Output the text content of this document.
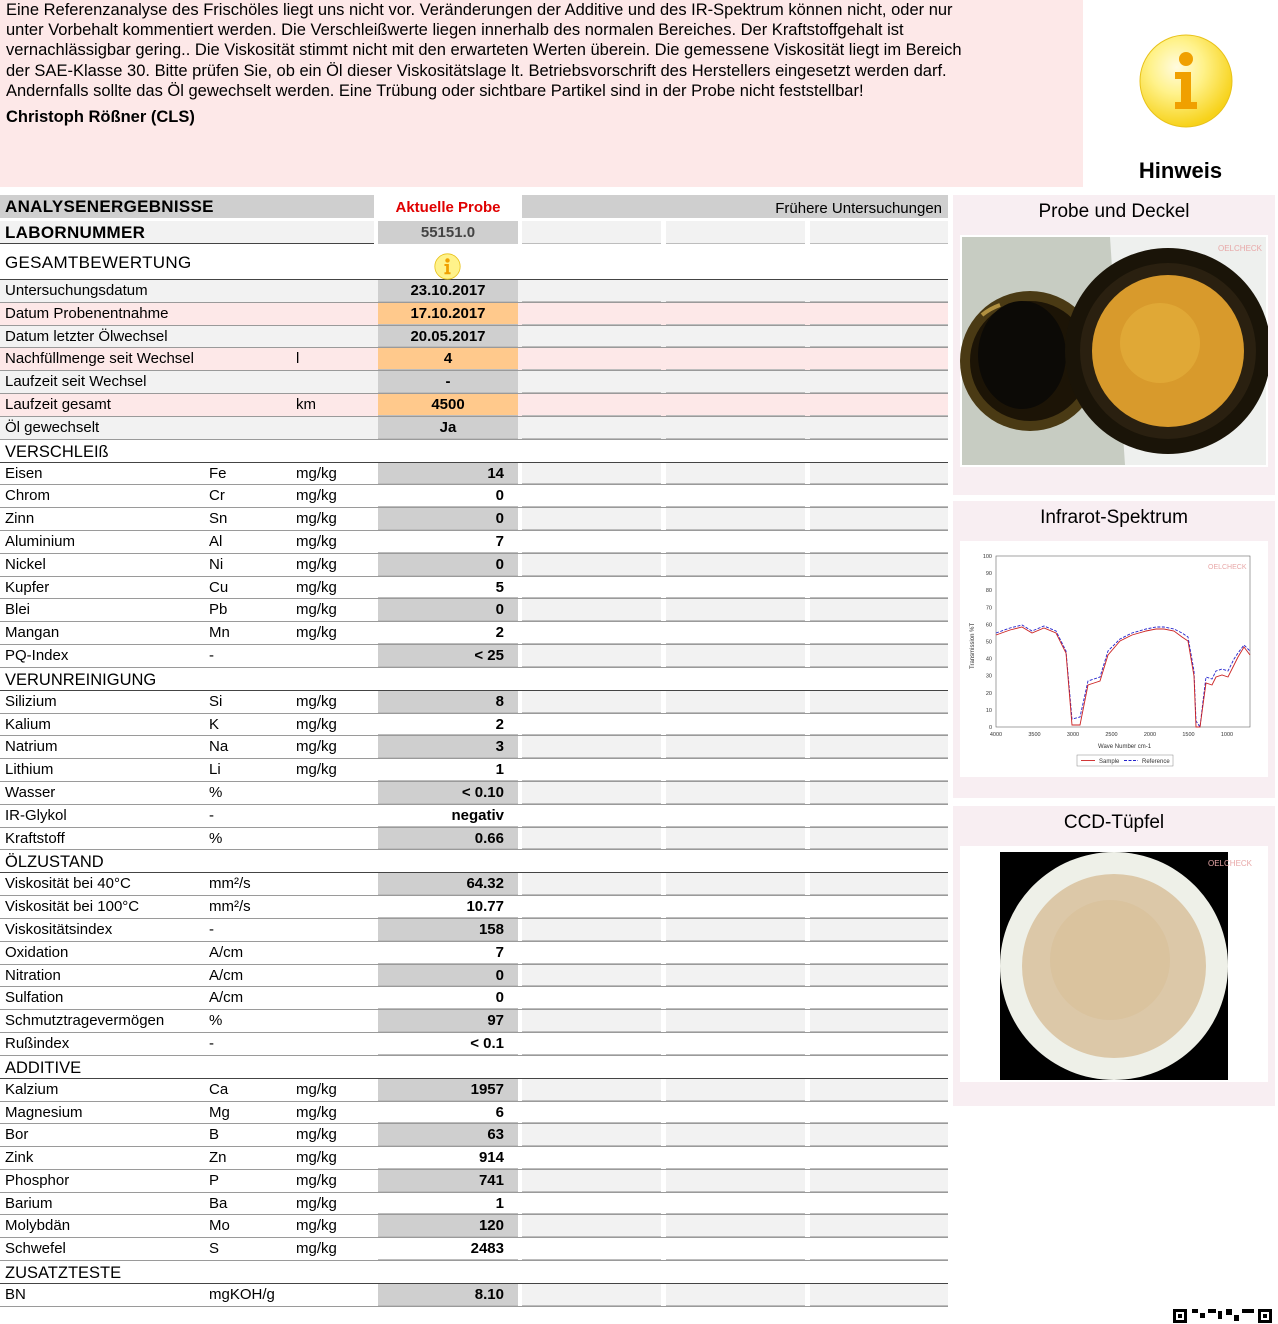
Eine Referenzanalyse des Frischöles liegt uns nicht vor. Veränderungen der Additive und des IR-Spektrum können nicht, oder nur
unter Vorbehalt kommentiert werden. Die Verschleißwerte liegen innerhalb des normalen Bereiches. Der Kraftstoffgehalt ist
vernachlässigbar gering.. Die Viskosität stimmt nicht mit den erwarteten Werten überein. Die gemessene Viskosität liegt im Bereich
der SAE-Klasse 30. Bitte prüfen Sie, ob ein Öl dieser Viskositätslage lt. Betriebsvorschrift des Herstellers eingesetzt werden darf.
Andernfalls sollte das Öl gewechselt werden. Eine Trübung oder sichtbare Partikel sind in der Probe nicht feststellbar!
Christoph Rößner (CLS)
Hinweis
ANALYSENERGEBNISSE	Aktuelle Probe	Frühere Untersuchungen
LABORNUMMER	55151.0
GESAMTBEWERTUNG
Untersuchungsdatum	23.10.2017
Datum Probenentnahme	17.10.2017
Datum letzter Ölwechsel	20.05.2017
Nachfüllmenge seit Wechsel	l	4
Laufzeit seit Wechsel	-
Laufzeit gesamt	km	4500
Öl gewechselt	Ja
VERSCHLEIß
Eisen	Fe	mg/kg	14
Chrom	Cr	mg/kg	0
Zinn	Sn	mg/kg	0
Aluminium	Al	mg/kg	7
Nickel	Ni	mg/kg	0
Kupfer	Cu	mg/kg	5
Blei	Pb	mg/kg	0
Mangan	Mn	mg/kg	2
PQ-Index	-	< 25
VERUNREINIGUNG
Silizium	Si	mg/kg	8
Kalium	K	mg/kg	2
Natrium	Na	mg/kg	3
Lithium	Li	mg/kg	1
Wasser	%	< 0.10
IR-Glykol	-	negativ
Kraftstoff	%	0.66
ÖLZUSTAND
Viskosität bei 40°C	mm²/s	64.32
Viskosität bei 100°C	mm²/s	10.77
Viskositätsindex	-	158
Oxidation	A/cm	7
Nitration	A/cm	0
Sulfation	A/cm	0
Schmutztragevermögen	%	97
Rußindex	-	< 0.1
ADDITIVE
Kalzium	Ca	mg/kg	1957
Magnesium	Mg	mg/kg	6
Bor	B	mg/kg	63
Zink	Zn	mg/kg	914
Phosphor	P	mg/kg	741
Barium	Ba	mg/kg	1
Molybdän	Mo	mg/kg	120
Schwefel	S	mg/kg	2483
ZUSATZTESTE
BN	mgKOH/g	8.10
Probe und Deckel
OELCHECK
Infrarot-Spektrum
100
90
80
70
60
50
40
30
20
10
0
4000	3500	3000	2500	2000	1500	1000
Transmission %T
Wave Number cm-1
Sample	Reference
OELCHECK
CCD-Tüpfel
OELCHECK
